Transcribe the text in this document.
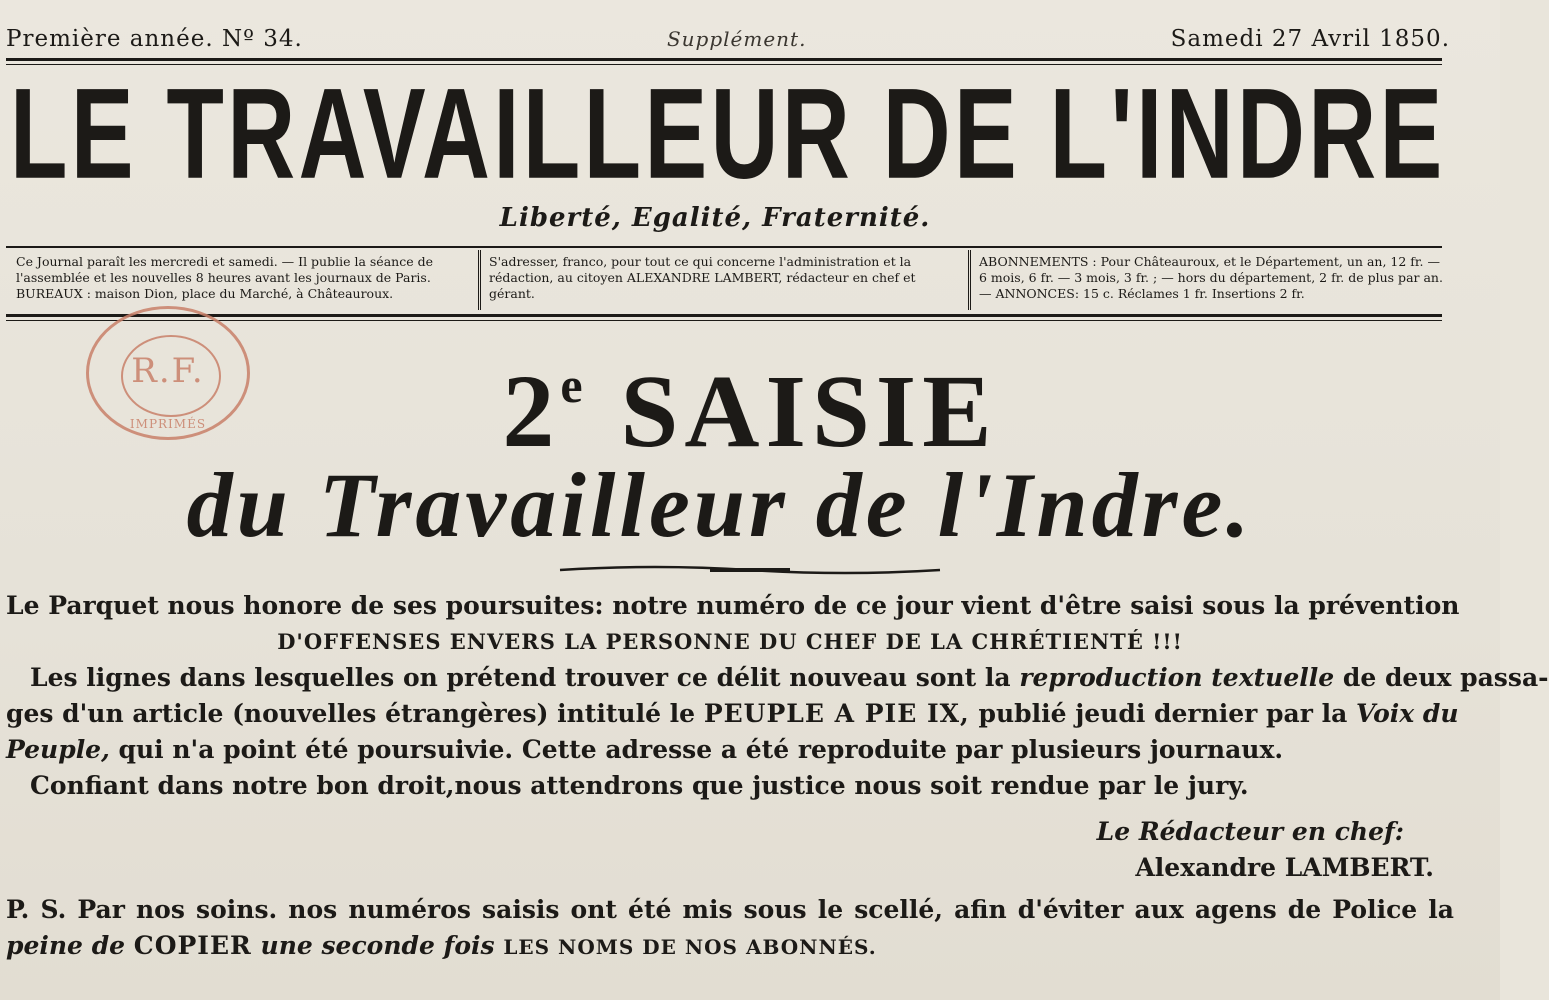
Première année. Nº 34.	Supplément.	Samedi 27 Avril 1850.
LE TRAVAILLEUR DE L'INDRE
Liberté, Egalité, Fraternité.
Ce Journal paraît les mercredi et samedi. — Il publie la séance de l'assemblée et les nouvelles 8 heures avant les journaux de Paris. BUREAUX : maison Dion, place du Marché, à Châteauroux.
S'adresser, franco, pour tout ce qui concerne l'administration et la rédaction, au citoyen ALEXANDRE LAMBERT, rédacteur en chef et gérant.
ABONNEMENTS : Pour Châteauroux, et le Département, un an, 12 fr. — 6 mois, 6 fr. — 3 mois, 3 fr. ; — hors du département, 2 fr. de plus par an.— ANNONCES: 15 c. Réclames 1 fr. Insertions 2 fr.
R.F.
IMPRIMÉS	2e SAISIE
du Travailleur de l'Indre.
Le Parquet nous honore de ses poursuites: notre numéro de ce jour vient d'être saisi sous la prévention
D'OFFENSES ENVERS LA PERSONNE DU CHEF DE LA CHRÉTIENTÉ !!!
Les lignes dans lesquelles on prétend trouver ce délit nouveau sont la reproduction textuelle de deux passa-
ges d'un article (nouvelles étrangères) intitulé le PEUPLE A PIE IX, publié jeudi dernier par la Voix du
Peuple, qui n'a point été poursuivie. Cette adresse a été reproduite par plusieurs journaux.
Confiant dans notre bon droit,nous attendrons que justice nous soit rendue par le jury.
Le Rédacteur en chef:
Alexandre LAMBERT.
P. S. Par nos soins. nos numéros saisis ont été mis sous le scellé, afin d'éviter aux agens de Police la
peine de COPIER une seconde fois LES NOMS DE NOS ABONNÉS.
